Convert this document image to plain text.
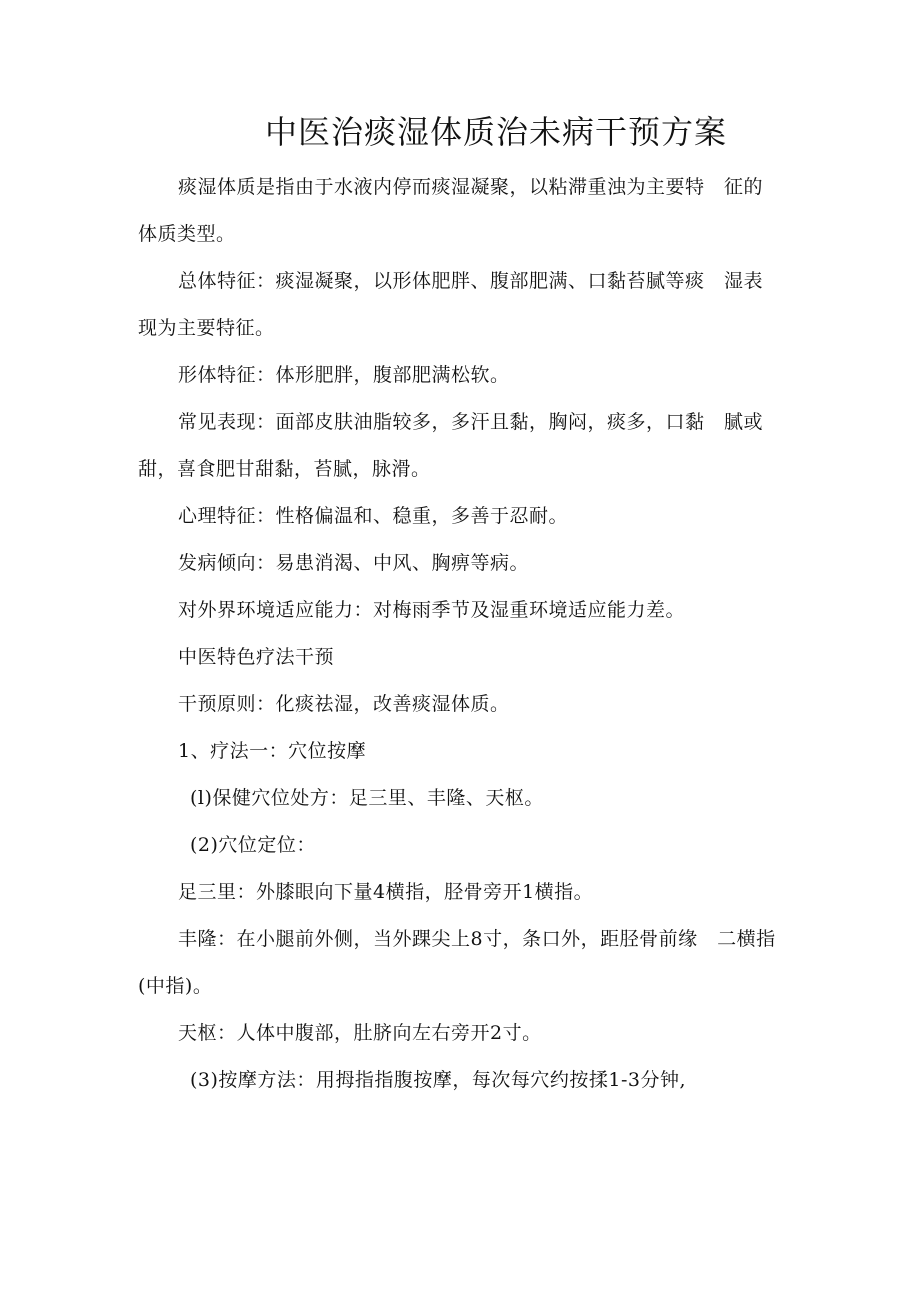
中医治痰湿体质治未病干预方案

痰湿体质是指由于水液内停而痰湿凝聚，以粘滞重浊为主要特　征的体质类型。

总体特征：痰湿凝聚，以形体肥胖、腹部肥满、口黏苔腻等痰　湿表现为主要特征。

形体特征：体形肥胖，腹部肥满松软。

常见表现：面部皮肤油脂较多，多汗且黏，胸闷，痰多，口黏　腻或甜，喜食肥甘甜黏，苔腻，脉滑。

心理特征：性格偏温和、稳重，多善于忍耐。

发病倾向：易患消渴、中风、胸痹等病。

对外界环境适应能力：对梅雨季节及湿重环境适应能力差。

中医特色疗法干预

干预原则：化痰祛湿，改善痰湿体质。

1、疗法一：穴位按摩

(l)保健穴位处方：足三里、丰隆、天枢。

(2)穴位定位：

足三里：外膝眼向下量4横指，胫骨旁开1横指。

丰隆：在小腿前外侧，当外踝尖上8寸，条口外，距胫骨前缘　二横指(中指)。

天枢：人体中腹部，肚脐向左右旁开2寸。

(3)按摩方法：用拇指指腹按摩，每次每穴约按揉1-3分钟,
